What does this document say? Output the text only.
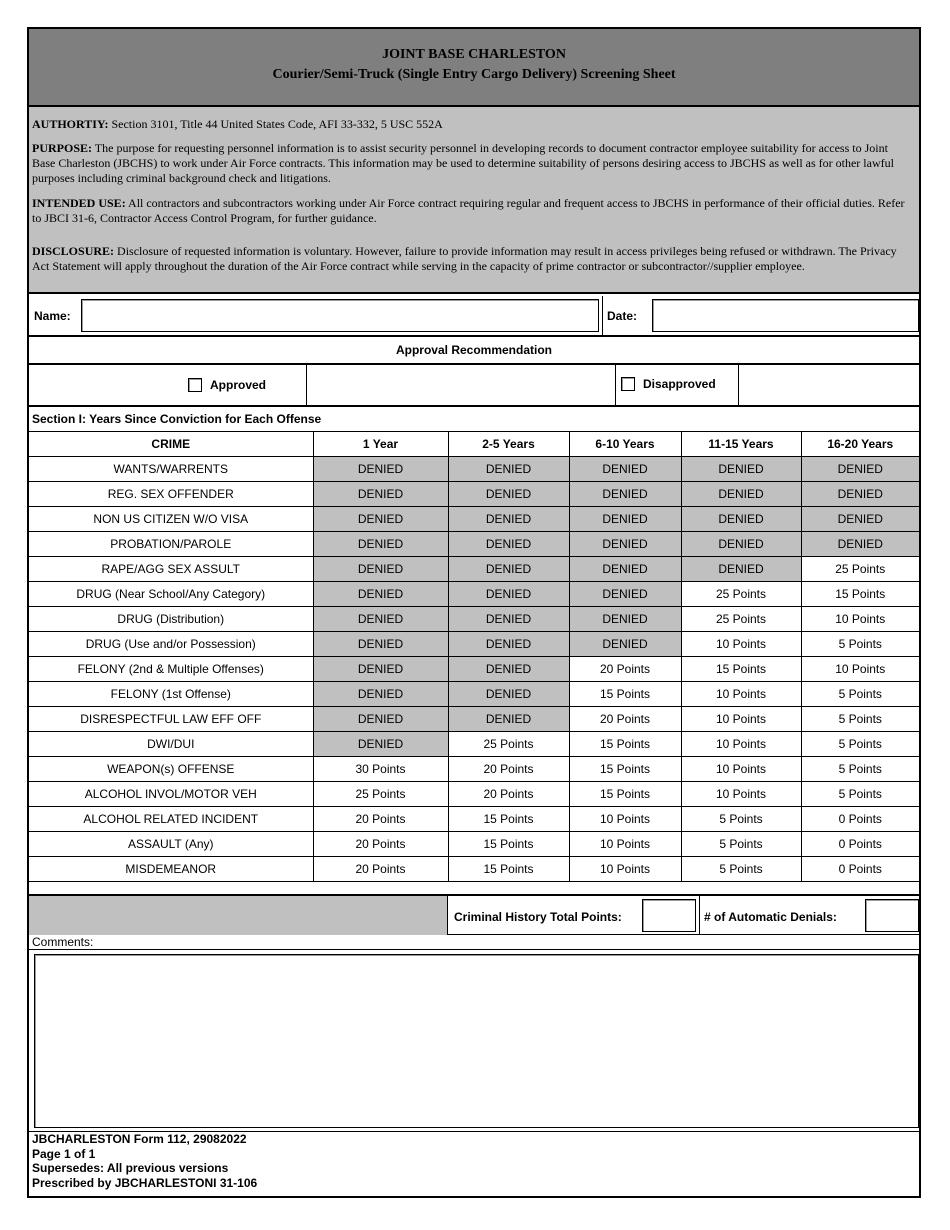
JOINT BASE CHARLESTON
Courier/Semi-Truck (Single Entry Cargo Delivery) Screening Sheet

AUTHORTIY: Section 3101, Title 44 United States Code, AFI 33-332, 5 USC 552A

PURPOSE: The purpose for requesting personnel information is to assist security personnel in developing records to document contractor employee suitability for access to Joint Base Charleston (JBCHS) to work under Air Force contracts. This information may be used to determine suitability of persons desiring access to JBCHS as well as for other lawful purposes including criminal background check and litigations.

INTENDED USE: All contractors and subcontractors working under Air Force contract requiring regular and frequent access to JBCHS in performance of their official duties. Refer to JBCI 31-6, Contractor Access Control Program, for further guidance.

DISCLOSURE: Disclosure of requested information is voluntary. However, failure to provide information may result in access privileges being refused or withdrawn. The Privacy Act Statement will apply throughout the duration of the Air Force contract while serving in the capacity of prime contractor or subcontractor//supplier employee.

Name:	Date:
Approval Recommendation
Approved	Disapproved
Section I: Years Since Conviction for Each Offense
CRIME	1 Year	2-5 Years	6-10 Years	11-15 Years	16-20 Years
WANTS/WARRENTS	DENIED	DENIED	DENIED	DENIED	DENIED
REG. SEX OFFENDER	DENIED	DENIED	DENIED	DENIED	DENIED
NON US CITIZEN W/O VISA	DENIED	DENIED	DENIED	DENIED	DENIED
PROBATION/PAROLE	DENIED	DENIED	DENIED	DENIED	DENIED
RAPE/AGG SEX ASSULT	DENIED	DENIED	DENIED	DENIED	25 Points
DRUG (Near School/Any Category)	DENIED	DENIED	DENIED	25 Points	15 Points
DRUG (Distribution)	DENIED	DENIED	DENIED	25 Points	10 Points
DRUG (Use and/or Possession)	DENIED	DENIED	DENIED	10 Points	5 Points
FELONY (2nd & Multiple Offenses)	DENIED	DENIED	20 Points	15 Points	10 Points
FELONY (1st Offense)	DENIED	DENIED	15 Points	10 Points	5 Points
DISRESPECTFUL LAW EFF OFF	DENIED	DENIED	20 Points	10 Points	5 Points
DWI/DUI	DENIED	25 Points	15 Points	10 Points	5 Points
WEAPON(s) OFFENSE	30 Points	20 Points	15 Points	10 Points	5 Points
ALCOHOL INVOL/MOTOR VEH	25 Points	20 Points	15 Points	10 Points	5 Points
ALCOHOL RELATED INCIDENT	20 Points	15 Points	10 Points	5 Points	0 Points
ASSAULT (Any)	20 Points	15 Points	10 Points	5 Points	0 Points
MISDEMEANOR	20 Points	15 Points	10 Points	5 Points	0 Points
Criminal History Total Points:	# of Automatic Denials:
Comments:
JBCHARLESTON Form 112, 29082022
Page 1 of 1
Supersedes: All previous versions
Prescribed by JBCHARLESTONI 31-106
